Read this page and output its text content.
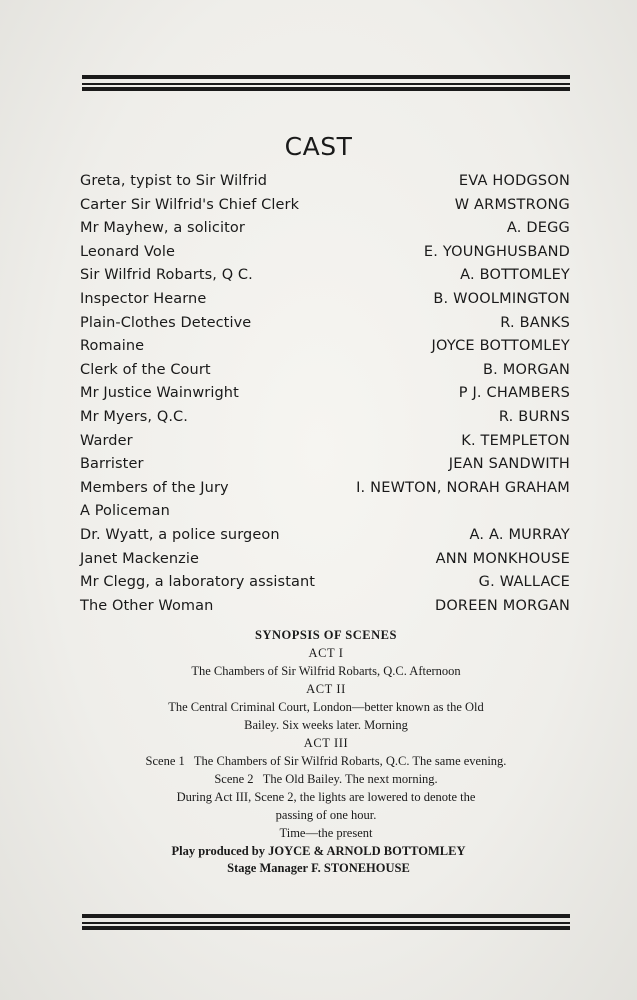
CAST
Greta, typist to Sir Wilfrid	EVA HODGSON
Carter Sir Wilfrid's Chief Clerk	W ARMSTRONG
Mr Mayhew, a solicitor	A. DEGG
Leonard Vole	E. YOUNGHUSBAND
Sir Wilfrid Robarts, Q C.	A. BOTTOMLEY
Inspector Hearne	B. WOOLMINGTON
Plain-Clothes Detective	R. BANKS
Romaine	JOYCE BOTTOMLEY
Clerk of the Court	B. MORGAN
Mr Justice Wainwright	P J. CHAMBERS
Mr Myers, Q.C.	R. BURNS
Warder	K. TEMPLETON
Barrister	JEAN SANDWITH
Members of the Jury	I. NEWTON, NORAH GRAHAM
A Policeman
Dr. Wyatt, a police surgeon	A. A. MURRAY
Janet Mackenzie	ANN MONKHOUSE
Mr Clegg, a laboratory assistant	G. WALLACE
The Other Woman	DOREEN MORGAN
SYNOPSIS OF SCENES
ACT I
The Chambers of Sir Wilfrid Robarts, Q.C. Afternoon
ACT II
The Central Criminal Court, London—better known as the Old
Bailey. Six weeks later. Morning
ACT III
Scene 1   The Chambers of Sir Wilfrid Robarts, Q.C. The same evening.
Scene 2   The Old Bailey. The next morning.
During Act III, Scene 2, the lights are lowered to denote the
passing of one hour.
Time—the present
Play produced by JOYCE & ARNOLD BOTTOMLEY
Stage Manager F. STONEHOUSE
